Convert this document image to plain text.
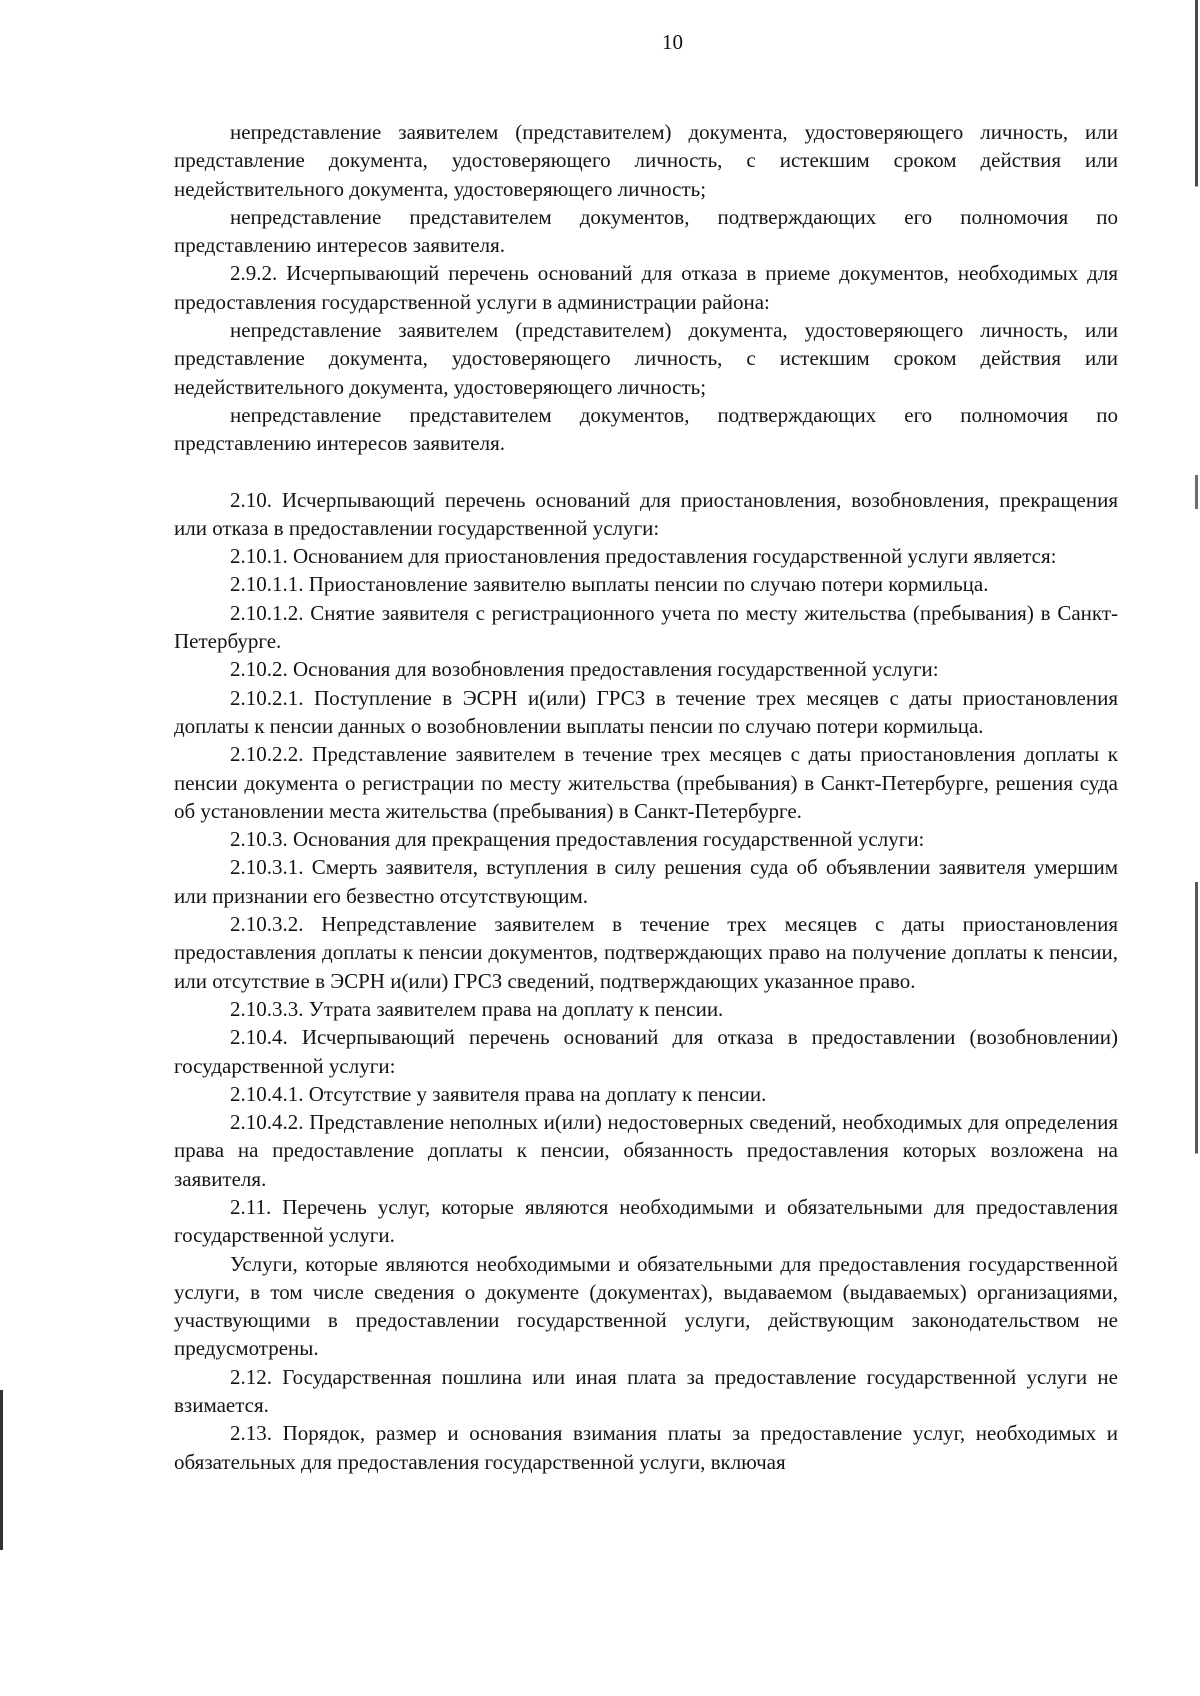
10

непредставление заявителем (представителем) документа, удостоверяющего личность, или представление документа, удостоверяющего личность, с истекшим сроком действия или недействительного документа, удостоверяющего личность;

непредставление представителем документов, подтверждающих его полномочия по представлению интересов заявителя.

2.9.2. Исчерпывающий перечень оснований для отказа в приеме документов, необходимых для предоставления государственной услуги в администрации района:

непредставление заявителем (представителем) документа, удостоверяющего личность, или представление документа, удостоверяющего личность, с истекшим сроком действия или недействительного документа, удостоверяющего личность;

непредставление представителем документов, подтверждающих его полномочия по представлению интересов заявителя.

2.10. Исчерпывающий перечень оснований для приостановления, возобновления, прекращения или отказа в предоставлении государственной услуги:

2.10.1. Основанием для приостановления предоставления государственной услуги является:

2.10.1.1. Приостановление заявителю выплаты пенсии по случаю потери кормильца.

2.10.1.2. Снятие заявителя с регистрационного учета по месту жительства (пребывания) в Санкт-Петербурге.

2.10.2. Основания для возобновления предоставления государственной услуги:

2.10.2.1. Поступление в ЭСРН и(или) ГРСЗ в течение трех месяцев с даты приостановления доплаты к пенсии данных о возобновлении выплаты пенсии по случаю потери кормильца.

2.10.2.2. Представление заявителем в течение трех месяцев с даты приостановления доплаты к пенсии документа о регистрации по месту жительства (пребывания) в Санкт-Петербурге, решения суда об установлении места жительства (пребывания) в Санкт-Петербурге.

2.10.3. Основания для прекращения предоставления государственной услуги:

2.10.3.1. Смерть заявителя, вступления в силу решения суда об объявлении заявителя умершим или признании его безвестно отсутствующим.

2.10.3.2. Непредставление заявителем в течение трех месяцев с даты приостановления предоставления доплаты к пенсии документов, подтверждающих право на получение доплаты к пенсии, или отсутствие в ЭСРН и(или) ГРСЗ сведений, подтверждающих указанное право.

2.10.3.3. Утрата заявителем права на доплату к пенсии.

2.10.4. Исчерпывающий перечень оснований для отказа в предоставлении (возобновлении) государственной услуги:

2.10.4.1. Отсутствие у заявителя права на доплату к пенсии.

2.10.4.2. Представление неполных и(или) недостоверных сведений, необходимых для определения права на предоставление доплаты к пенсии, обязанность предоставления которых возложена на заявителя.

2.11. Перечень услуг, которые являются необходимыми и обязательными для предоставления государственной услуги.

Услуги, которые являются необходимыми и обязательными для предоставления государственной услуги, в том числе сведения о документе (документах), выдаваемом (выдаваемых) организациями, участвующими в предоставлении государственной услуги, действующим законодательством не предусмотрены.

2.12. Государственная пошлина или иная плата за предоставление государственной услуги не взимается.

2.13. Порядок, размер и основания взимания платы за предоставление услуг, необходимых и обязательных для предоставления государственной услуги, включая
